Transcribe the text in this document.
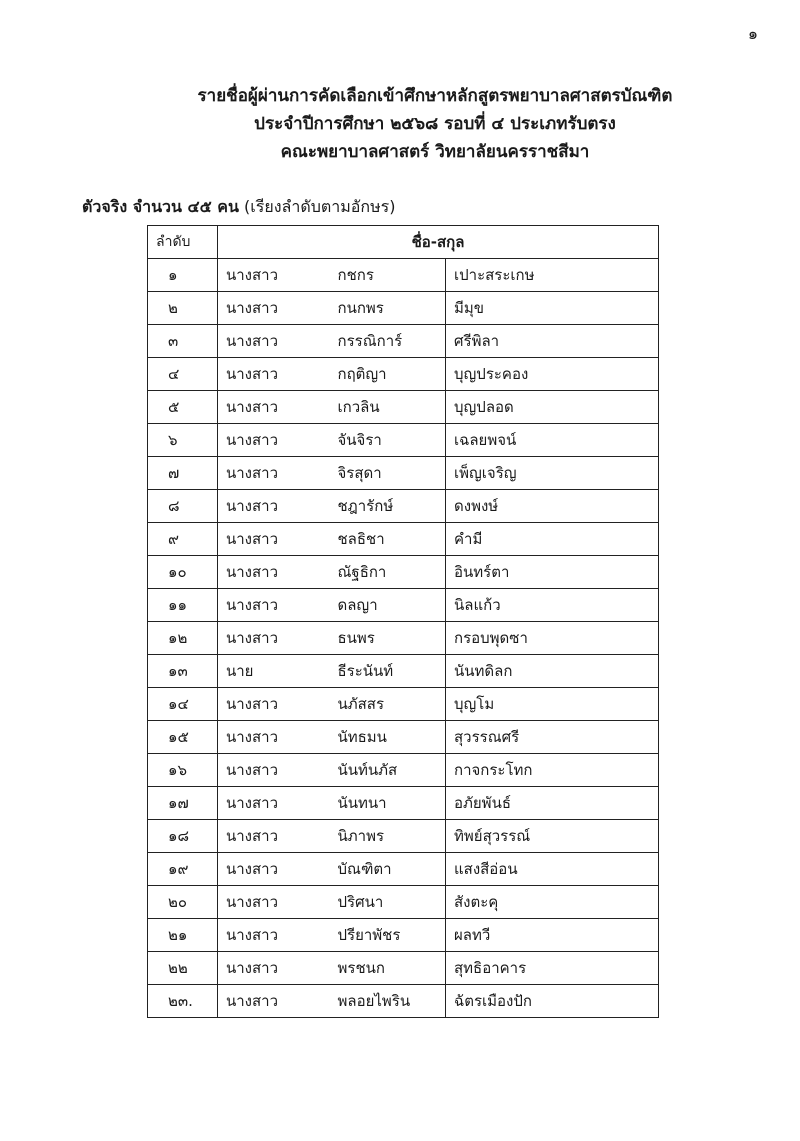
๑
รายชื่อผู้ผ่านการคัดเลือกเข้าศึกษาหลักสูตรพยาบาลศาสตรบัณฑิต
ประจำปีการศึกษา ๒๕๖๘ รอบที่ ๔ ประเภทรับตรง
คณะพยาบาลศาสตร์ วิทยาลัยนครราชสีมา
ตัวจริง จำนวน ๔๕ คน (เรียงลำดับตามอักษร)
ลำดับ	ชื่อ-สกุล		
๑	นางสาว	กชกร	เปาะสระเกษ
๒	นางสาว	กนกพร	มีมุข
๓	นางสาว	กรรณิการ์	ศรีพิลา
๔	นางสาว	กฤติญา	บุญประคอง
๕	นางสาว	เกวลิน	บุญปลอด
๖	นางสาว	จันจิรา	เฉลยพจน์
๗	นางสาว	จิรสุดา	เพ็ญเจริญ
๘	นางสาว	ชฎารักษ์	ดงพงษ์
๙	นางสาว	ชลธิชา	คำมี
๑๐	นางสาว	ณัฐธิกา	อินทร์ตา
๑๑	นางสาว	ดลญา	นิลแก้ว
๑๒	นางสาว	ธนพร	กรอบพุดซา
๑๓	นาย	ธีระนันท์	นันทดิลก
๑๔	นางสาว	นภัสสร	บุญโม
๑๕	นางสาว	นัทธมน	สุวรรณศรี
๑๖	นางสาว	นันท์นภัส	กาจกระโทก
๑๗	นางสาว	นันทนา	อภัยพันธ์
๑๘	นางสาว	นิภาพร	ทิพย์สุวรรณ์
๑๙	นางสาว	บัณฑิตา	แสงสีอ่อน
๒๐	นางสาว	ปริศนา	สังตะคุ
๒๑	นางสาว	ปรียาพัชร	ผลทวี
๒๒	นางสาว	พรชนก	สุทธิอาคาร
๒๓.	นางสาว	พลอยไพริน	ฉัตรเมืองปัก
